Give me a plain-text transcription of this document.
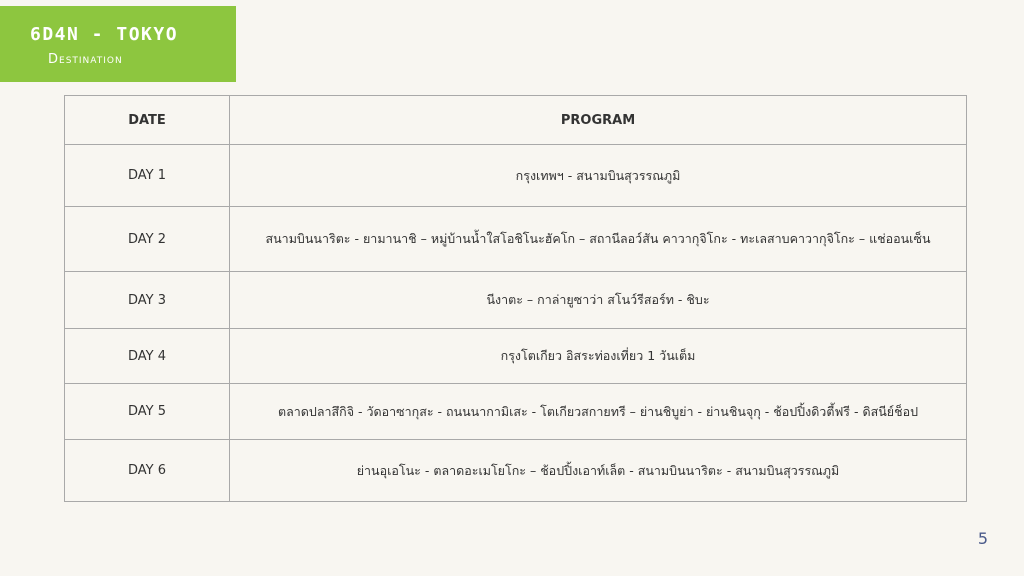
6D4N - TOKYO
Destination
DATE	PROGRAM
DAY 1	กรุงเทพฯ - สนามบินสุวรรณภูมิ
DAY 2	สนามบินนาริตะ - ยามานาชิ – หมู่บ้านน้ำใสโอชิโนะฮัคโก – สถานีลอว์สัน คาวากุจิโกะ - ทะเลสาบคาวากุจิโกะ – แช่ออนเซ็น
DAY 3	นีงาตะ – กาล่ายูซาว่า สโนว์รีสอร์ท - ชิบะ
DAY 4	กรุงโตเกียว อิสระท่องเที่ยว 1 วันเต็ม
DAY 5	ตลาดปลาสึกิจิ - วัดอาซากุสะ - ถนนนากามิเสะ - โตเกียวสกายทรี – ย่านชิบูย่า - ย่านชินจุกุ - ช้อปปิ้งดิวตี้ฟรี - ดิสนีย์ช็อป
DAY 6	ย่านอุเอโนะ - ตลาดอะเมโยโกะ – ช้อปปิ้งเอาท์เล็ต - สนามบินนาริตะ - สนามบินสุวรรณภูมิ
5
